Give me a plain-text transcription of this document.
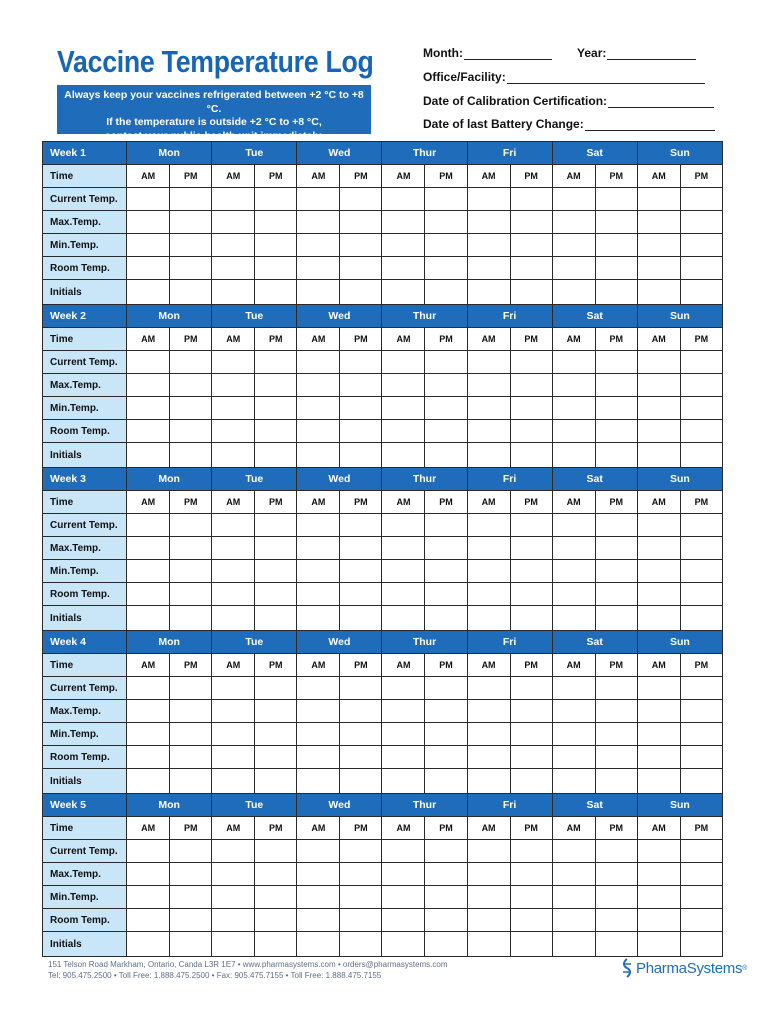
Vaccine Temperature Log
Always keep your vaccines refrigerated between +2 °C to +8 °C.
If the temperature is outside +2 °C to +8 °C,
contact your public health unit immediately.
Month:	Year:
Office/Facility:
Date of Calibration Certification:
Date of last Battery Change:
Week 1	Mon		Tue		Wed		Thur		Fri		Sat		Sun	
Time	AM	PM	AM	PM	AM	PM	AM	PM	AM	PM	AM	PM	AM	PM
Current Temp.														
Max.Temp.														
Min.Temp.														
Room Temp.														
Initials														
Week 2	Mon		Tue		Wed		Thur		Fri		Sat		Sun	
Time	AM	PM	AM	PM	AM	PM	AM	PM	AM	PM	AM	PM	AM	PM
Current Temp.														
Max.Temp.														
Min.Temp.														
Room Temp.														
Initials														
Week 3	Mon		Tue		Wed		Thur		Fri		Sat		Sun	
Time	AM	PM	AM	PM	AM	PM	AM	PM	AM	PM	AM	PM	AM	PM
Current Temp.														
Max.Temp.														
Min.Temp.														
Room Temp.														
Initials														
Week 4	Mon		Tue		Wed		Thur		Fri		Sat		Sun	
Time	AM	PM	AM	PM	AM	PM	AM	PM	AM	PM	AM	PM	AM	PM
Current Temp.														
Max.Temp.														
Min.Temp.														
Room Temp.														
Initials														
Week 5	Mon		Tue		Wed		Thur		Fri		Sat		Sun	
Time	AM	PM	AM	PM	AM	PM	AM	PM	AM	PM	AM	PM	AM	PM
Current Temp.														
Max.Temp.														
Min.Temp.														
Room Temp.														
Initials														
151 Telson Road Markham, Ontario, Canda L3R 1E7 • www.pharmasystems.com • orders@pharmasystems.com
Tel: 905.475.2500 • Toll Free: 1.888.475.2500 • Fax: 905.475.7155 • Toll Free: 1.888.475.7155	Pharma Systems ®
